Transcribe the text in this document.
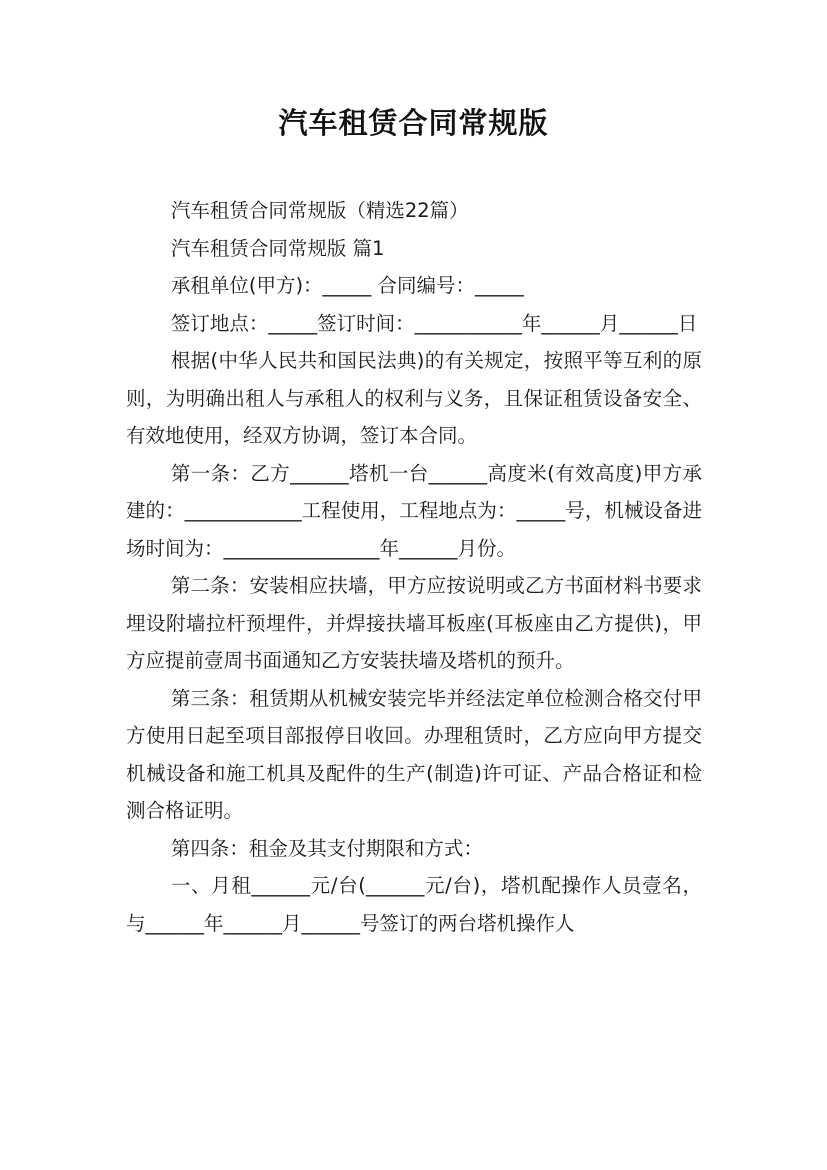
汽车租赁合同常规版

汽车租赁合同常规版（精选22篇）

汽车租赁合同常规版 篇1

承租单位(甲方)：_____ 合同编号：_____

签订地点：_____签订时间：___________年______月______日

根据(中华人民共和国民法典)的有关规定，按照平等互利的原则，为明确出租人与承租人的权利与义务，且保证租赁设备安全、有效地使用，经双方协调，签订本合同。

第一条：乙方______塔机一台______高度米(有效高度)甲方承建的：____________工程使用，工程地点为：_____号，机械设备进场时间为：________________年______月份。

第二条：安装相应扶墙，甲方应按说明或乙方书面材料书要求埋设附墙拉杆预埋件，并焊接扶墙耳板座(耳板座由乙方提供)，甲方应提前壹周书面通知乙方安装扶墙及塔机的预升。

第三条：租赁期从机械安装完毕并经法定单位检测合格交付甲方使用日起至项目部报停日收回。办理租赁时，乙方应向甲方提交机械设备和施工机具及配件的生产(制造)许可证、产品合格证和检测合格证明。

第四条：租金及其支付期限和方式：

一、月租______元/台(______元/台)，塔机配操作人员壹名，与______年______月______号签订的两台塔机操作人
